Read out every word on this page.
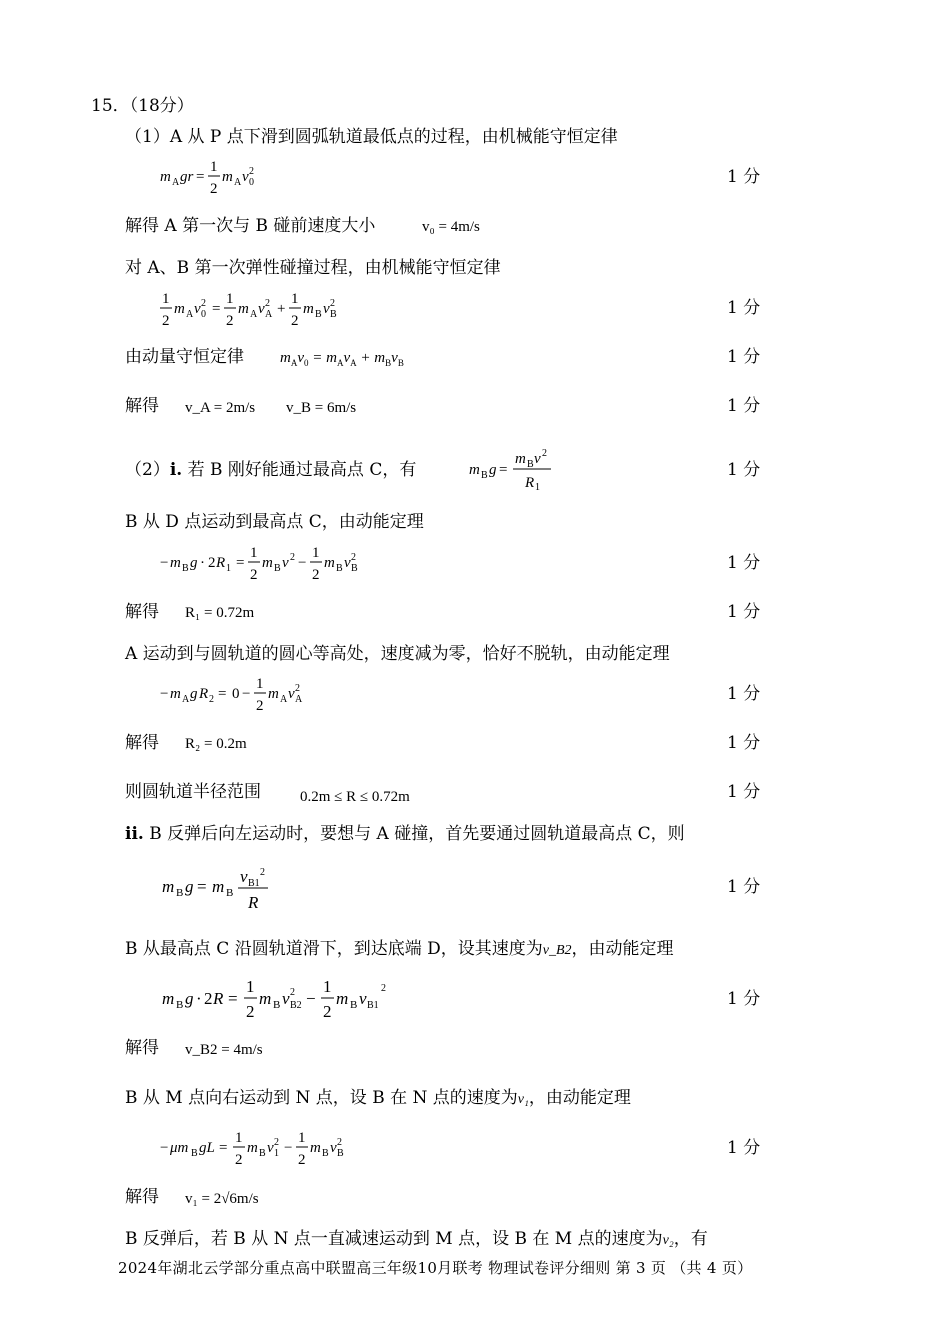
15．（18分）
（1）A 从 P 点下滑到圆弧轨道最低点的过程，由机械能守恒定律
m A gr =
1
2
m A v 0
2	1 分
解得 A 第一次与 B 碰前速度大小	v₀ = 4m/s
对 A、B 第一次弹性碰撞过程，由机械能守恒定律
1
2
m A v 0
2 =
1
2
m A v A
2 +
1
2
m B v B
2	1 分
由动量守恒定律 $m_Av_0 = m_Av_A + m_Bv_B$	1 分
解得 v_A = 2m/s v_B = 6m/s	1 分
（2）i. 若 B 刚好能通过最高点 C，有	m B g =
m B v 2
R 1
1 分
B 从 D 点运动到最高点 C，由动能定理
− m B g · 2 R 1 =
1
2
m B v 2 −
1
2
m B v B
2	1 分
解得 R₁ = 0.72m	1 分
A 运动到与圆轨道的圆心等高处，速度减为零，恰好不脱轨，由动能定理
− m A g R 2 = 0 −
1
2
m A v A
2	1 分
解得 R₂ = 0.2m	1 分
则圆轨道半径范围	0.2m ≤ R ≤ 0.72m	1 分
ii. B 反弹后向左运动时，要想与 A 碰撞，首先要通过圆轨道最高点 C，则
m B g = m B
v B1
2
R
1 分
B 从最高点 C 沿圆轨道滑下，到达底端 D，设其速度为v_B2，由动能定理
m B g · 2 R =
1
2
m B v B2
2 −
1
2
m B v B1
2
1 分
解得 v_B2 = 4m/s
B 从 M 点向右运动到 N 点，设 B 在 N 点的速度为v₁，由动能定理
− μm B gL =
1
2
m B v 1
2 −
1
2
m B v B
2	1 分
解得 v₁ = 2√6m/s
B 反弹后，若 B 从 N 点一直减速运动到 M 点，设 B 在 M 点的速度为v₂，有
2024年湖北云学部分重点高中联盟高三年级10月联考 物理试卷评分细则 第 3 页 （共 4 页）
